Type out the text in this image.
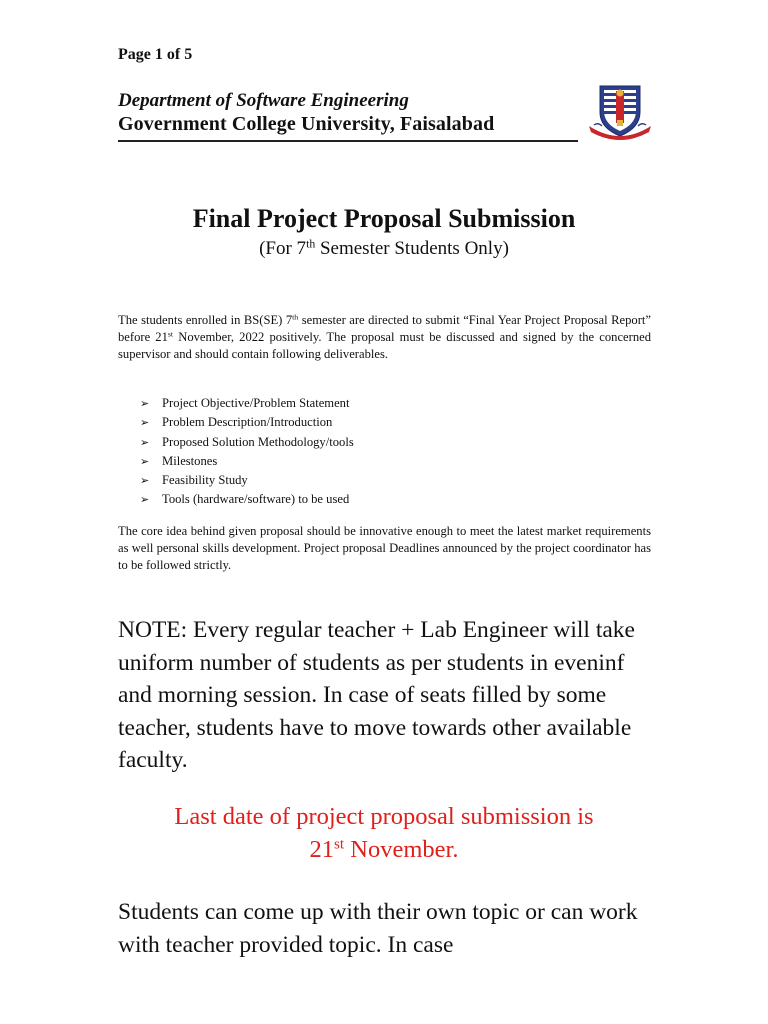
Page 1 of 5
Department of Software Engineering
Government College University, Faisalabad
Final Project Proposal Submission
(For 7th Semester Students Only)
The students enrolled in BS(SE) 7th semester are directed to submit “Final Year Project Proposal Report” before 21st November, 2022 positively. The proposal must be discussed and signed by the concerned supervisor and should contain following deliverables.
➢ Project Objective/Problem Statement
➢ Problem Description/Introduction
➢ Proposed Solution Methodology/tools
➢ Milestones
➢ Feasibility Study
➢ Tools (hardware/software) to be used
The core idea behind given proposal should be innovative enough to meet the latest market requirements as well personal skills development. Project proposal Deadlines announced by the project coordinator has to be followed strictly.
NOTE: Every regular teacher + Lab Engineer will take uniform number of students as per students in eveninf and morning session. In case of seats filled by some teacher, students have to move towards other available faculty.
Last date of project proposal submission is
21st November.
Students can come up with their own topic or can work with teacher provided topic. In case
